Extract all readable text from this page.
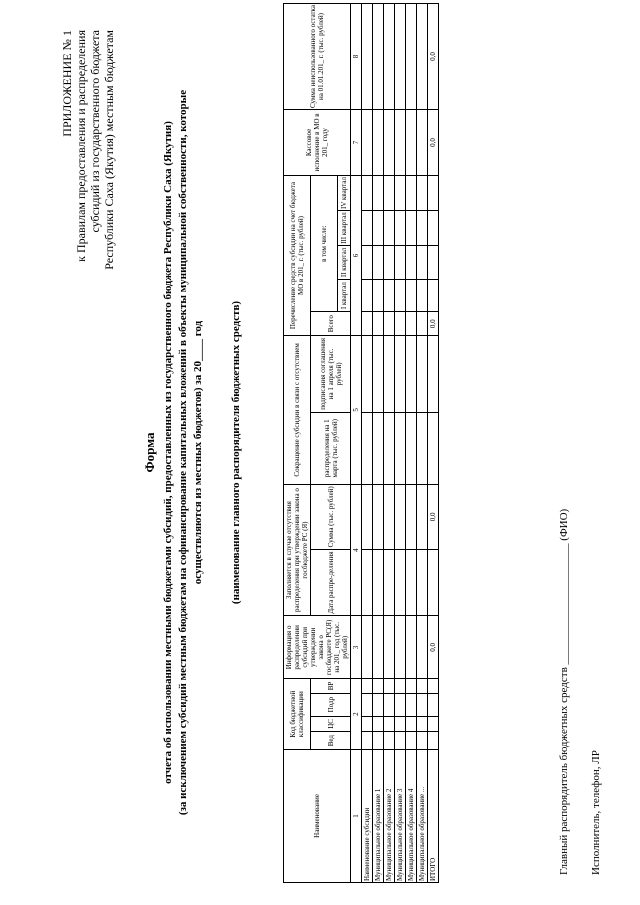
ПРИЛОЖЕНИЕ № 1 к Правилам предоставления и распределения субсидий из государственного бюджета Республики Саха (Якутия) местным бюджетам
Форма отчета об использовании местными бюджетами субсидий, предоставленных из государственного бюджета Республики Саха (Якутия) (за исключением субсидий местным бюджетам на софинансирование капитальных вложений в объекты муниципальной собственности, которые осуществляются из местных бюджетов) за 20____ год (наименование главного распорядителя бюджетных средств)
Наименование	Код бюджетной классификации				Информация о распределении субсидий при утверждении закона о госбюджете РС(Я) на 201_ год (тыс. рублей)	Заполняется в случае отсутствия распределения при утверждении закона о госбюджете РС (Я)		Сокращение субсидии в связи с отсутствием		Перечисление средств субсидии на счет бюджета МО в 201_ г. (тыс. рублей)					Кассовое исполнение в МО в 201_ году	Сумма неиспользованного остатка на 01.01.201_ г. (тыс. рублей)
	Вед	ЦС	Подр	ВР		Дата распре-деления	Сумма (тыс. рублей)	распределения на 1 марта (тыс. рублей)	подписания соглашения на 1 апреля (тыс. рублей)	Всего	в том числе:					
											I квартал	II квартал	III квартал	IV квартал		
1	2				3	4		5		6					7	8
Наименование субсидии																
Муниципальное образование 1																
Муниципальное образование 2																
Муниципальное образование 3																
Муниципальное образование 4																
Муниципальное образование ...																
ИТОГО					0,0		0,0			0,0					0,0	0,0
Главный распорядитель бюджетных средств ______________________ (ФИО) Исполнитель, телефон, ЛР
